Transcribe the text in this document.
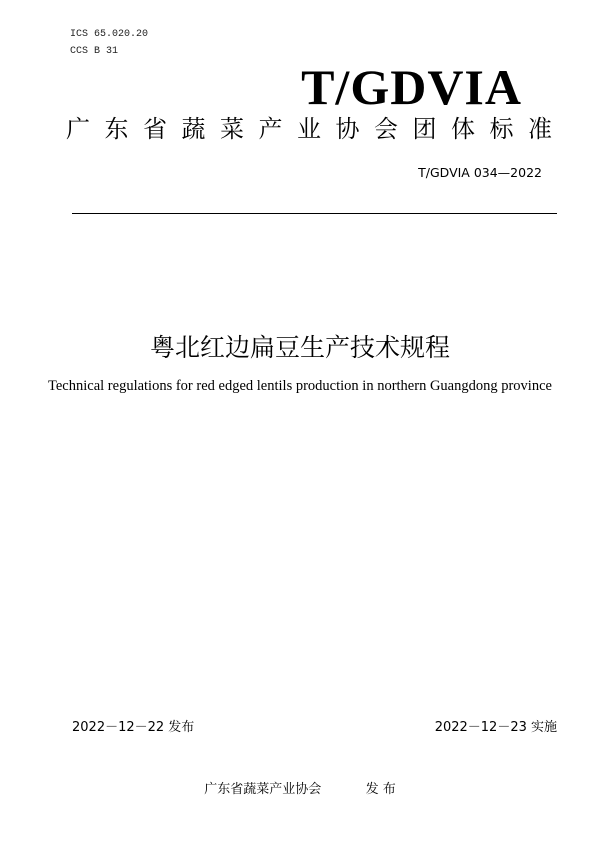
ICS 65.020.20
CCS B 31
T/GDVIA
广 东 省 蔬 菜 产 业 协 会 团 体 标 准
T/GDVIA 034—2022
粤北红边扁豆生产技术规程
Technical regulations for red edged lentils production in northern Guangdong province
2022－12－22 发布	2022－12－23 实施
广东省蔬菜产业协会	发 布
